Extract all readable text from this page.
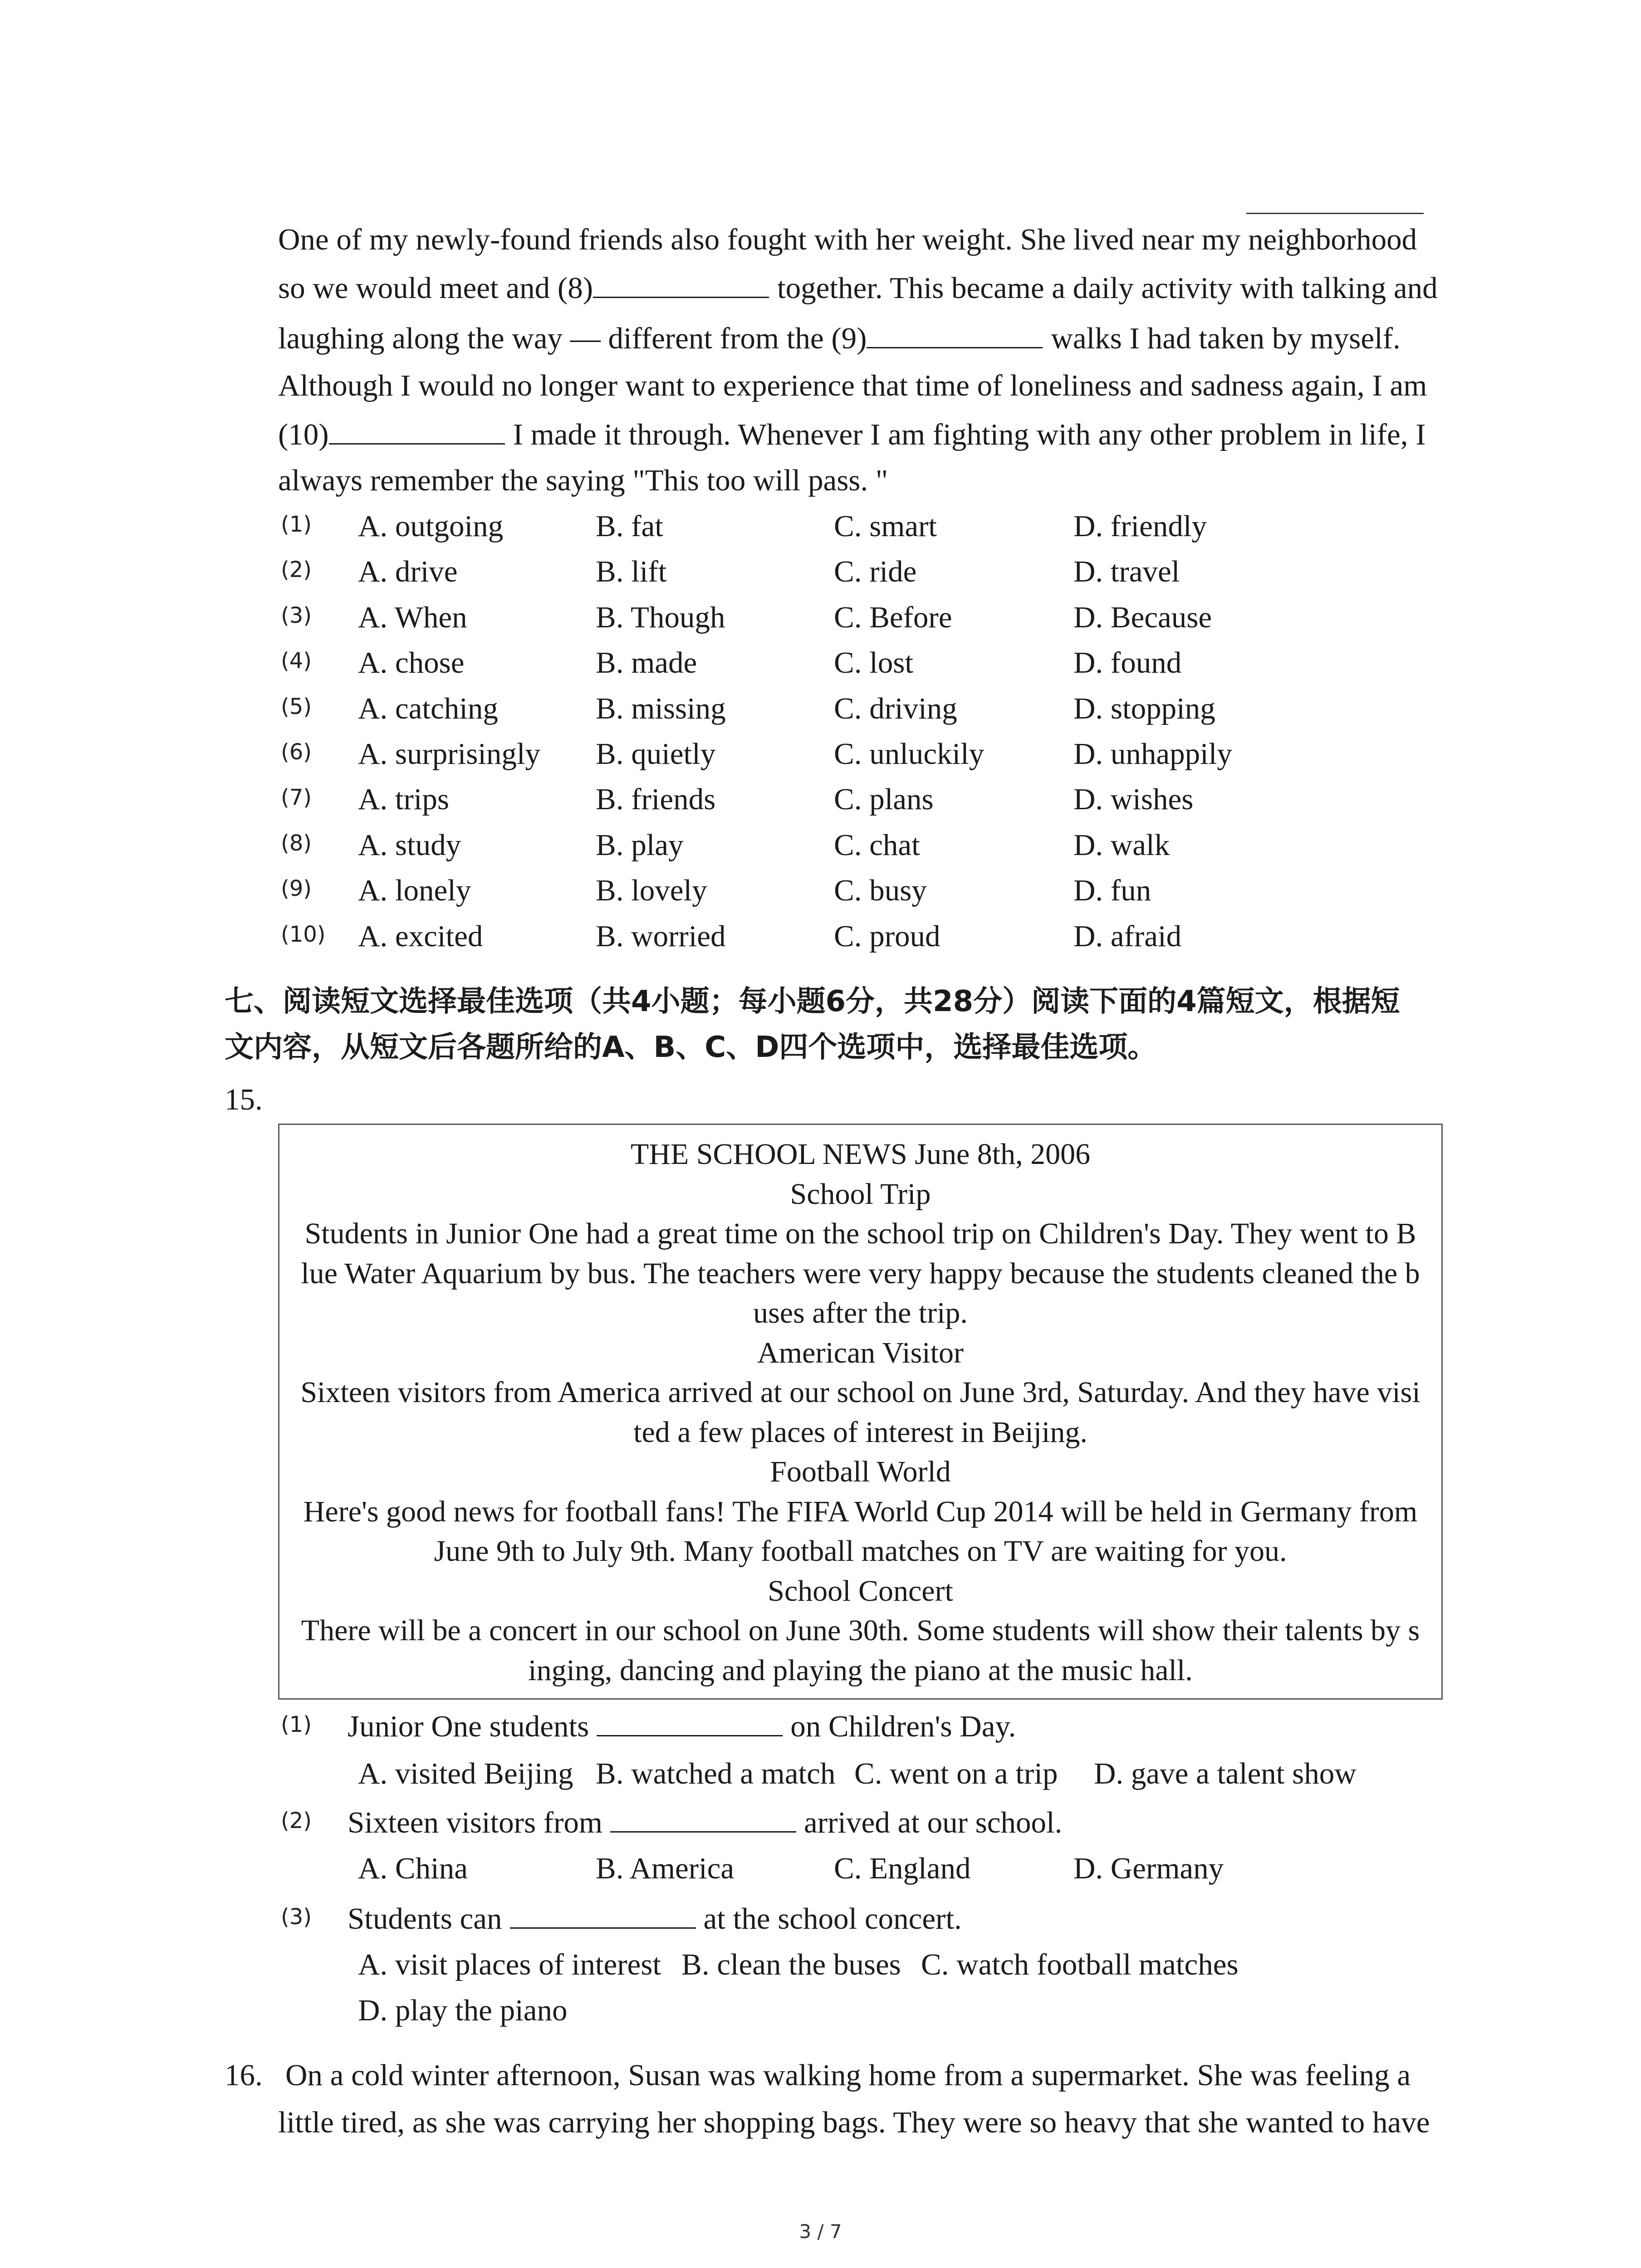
One of my newly-found friends also fought with her weight. She lived near my neighborhood
so we would meet and (8)	together. This became a daily activity with talking and
laughing along the way — different from the (9)	walks I had taken by myself.
Although I would no longer want to experience that time of loneliness and sadness again, I am
(10)	I made it through. Whenever I am fighting with any other problem in life, I
always remember the saying "This too will pass. "
(1) A. outgoing	B. fat	C. smart	D. friendly
(2) A. drive	B. lift	C. ride	D. travel
(3) A. When	B. Though	C. Before	D. Because
(4) A. chose	B. made	C. lost	D. found
(5) A. catching	B. missing	C. driving	D. stopping
(6) A. surprisingly B. quietly	C. unluckily	D. unhappily
(7) A. trips	B. friends	C. plans	D. wishes
(8) A. study	B. play	C. chat	D. walk
(9) A. lonely	B. lovely	C. busy	D. fun
(10) A. excited	B. worried	C. proud	D. afraid
七、阅读短文选择最佳选项（共4小题；每小题6分，共28分）阅读下面的4篇短文，根据短
文内容，从短文后各题所给的A、B、C、D四个选项中，选择最佳选项。
15.
THE SCHOOL NEWS June 8th, 2006
School Trip
Students in Junior One had a great time on the school trip on Children's Day. They went to B
lue Water Aquarium by bus. The teachers were very happy because the students cleaned the b
uses after the trip.
American Visitor
Sixteen visitors from America arrived at our school on June 3rd, Saturday. And they have visi
ted a few places of interest in Beijing.
Football World
Here's good news for football fans! The FIFA World Cup 2014 will be held in Germany from
June 9th to July 9th. Many football matches on TV are waiting for you.
School Concert
There will be a concert in our school on June 30th. Some students will show their talents by s
inging, dancing and playing the piano at the music hall.
(1) Junior One students	on Children's Day.
A. visited Beijing B. watched a match C. went on a trip D. gave a talent show
(2) Sixteen visitors from	arrived at our school.
A. China	B. America	C. England	D. Germany
(3) Students can	at the school concert.
A. visit places of interest B. clean the buses C. watch football matches
D. play the piano
16. On a cold winter afternoon, Susan was walking home from a supermarket. She was feeling a
little tired, as she was carrying her shopping bags. They were so heavy that she wanted to have
3 / 7
